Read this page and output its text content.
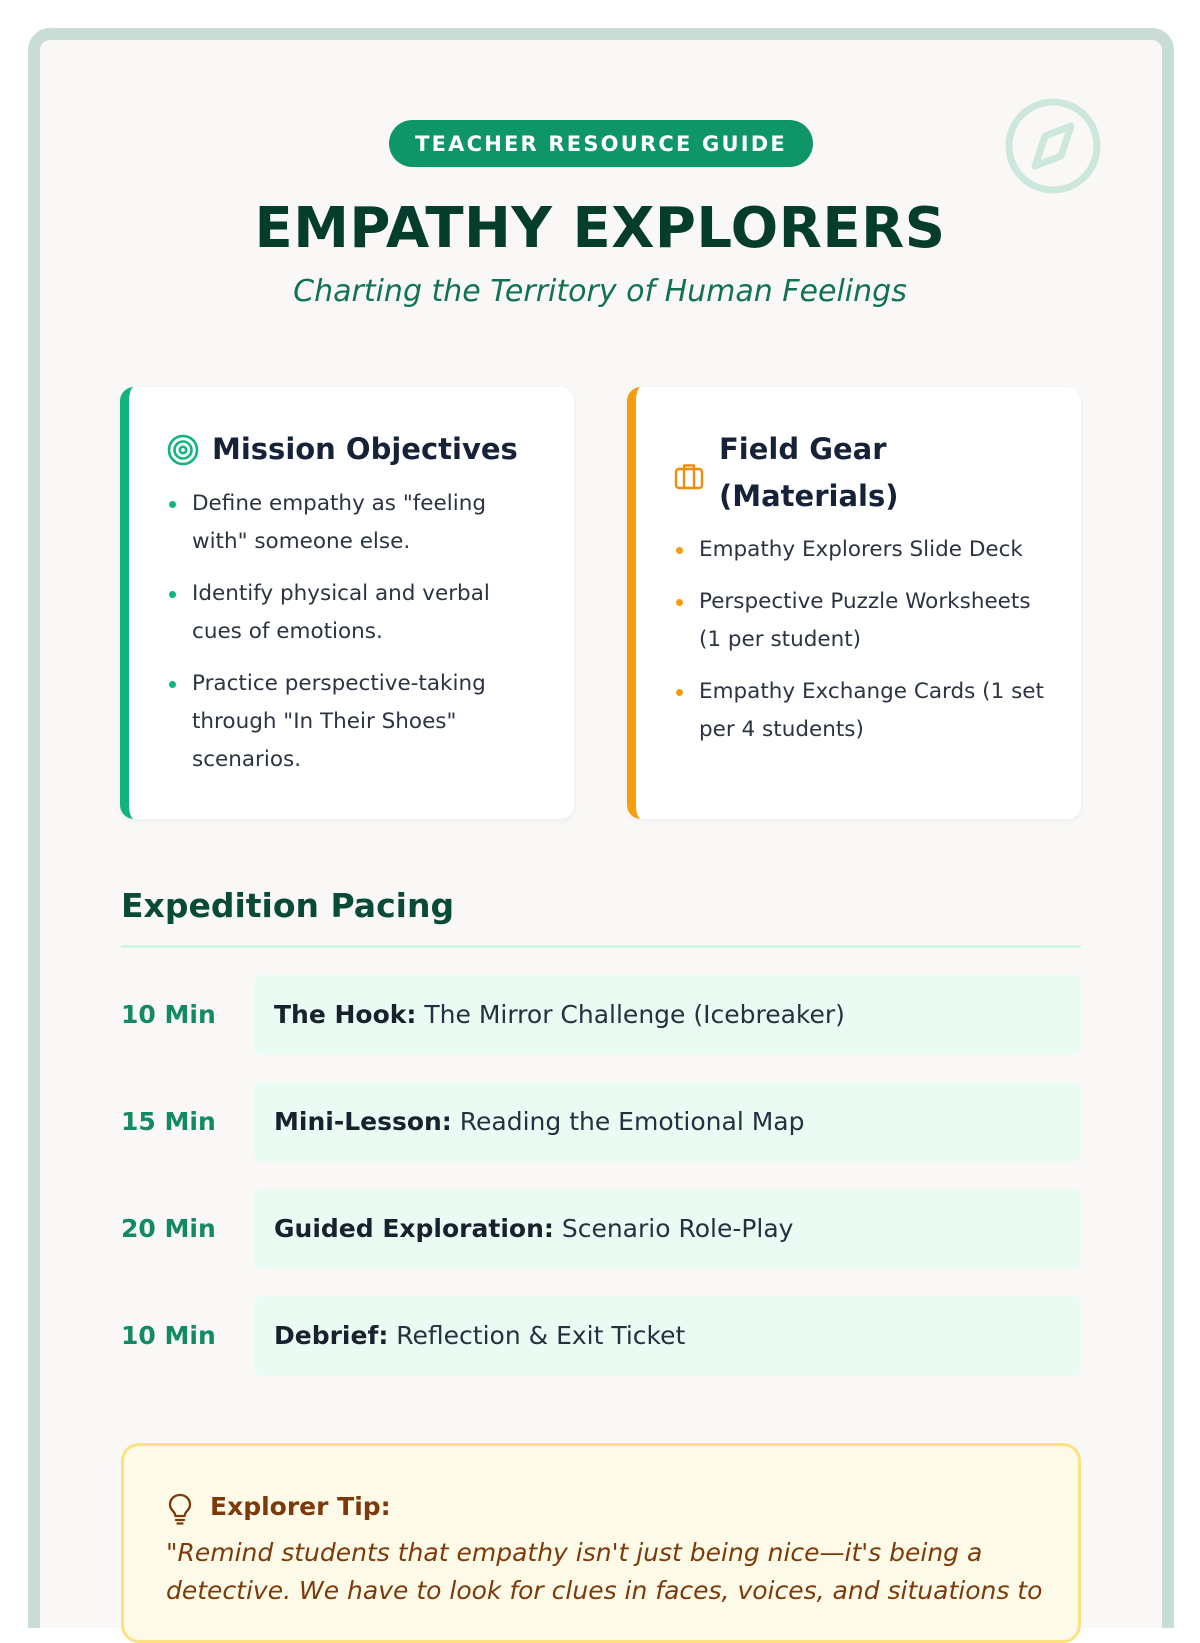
TEACHER RESOURCE GUIDE
EMPATHY EXPLORERS
Charting the Territory of Human Feelings
Mission Objectives
Define empathy as "feeling with" someone else.
Identify physical and verbal cues of emotions.
Practice perspective-taking through "In Their Shoes" scenarios.
Field Gear (Materials)
Empathy Explorers Slide Deck
Perspective Puzzle Worksheets (1 per student)
Empathy Exchange Cards (1 set per 4 students)
Expedition Pacing
10 Min	The Hook: The Mirror Challenge (Icebreaker)
15 Min	Mini-Lesson: Reading the Emotional Map
20 Min	Guided Exploration: Scenario Role-Play
10 Min	Debrief: Reflection & Exit Ticket
Explorer Tip:
"Remind students that empathy isn't just being nice—it's being a detective. We have to look for clues in faces, voices, and situations to
